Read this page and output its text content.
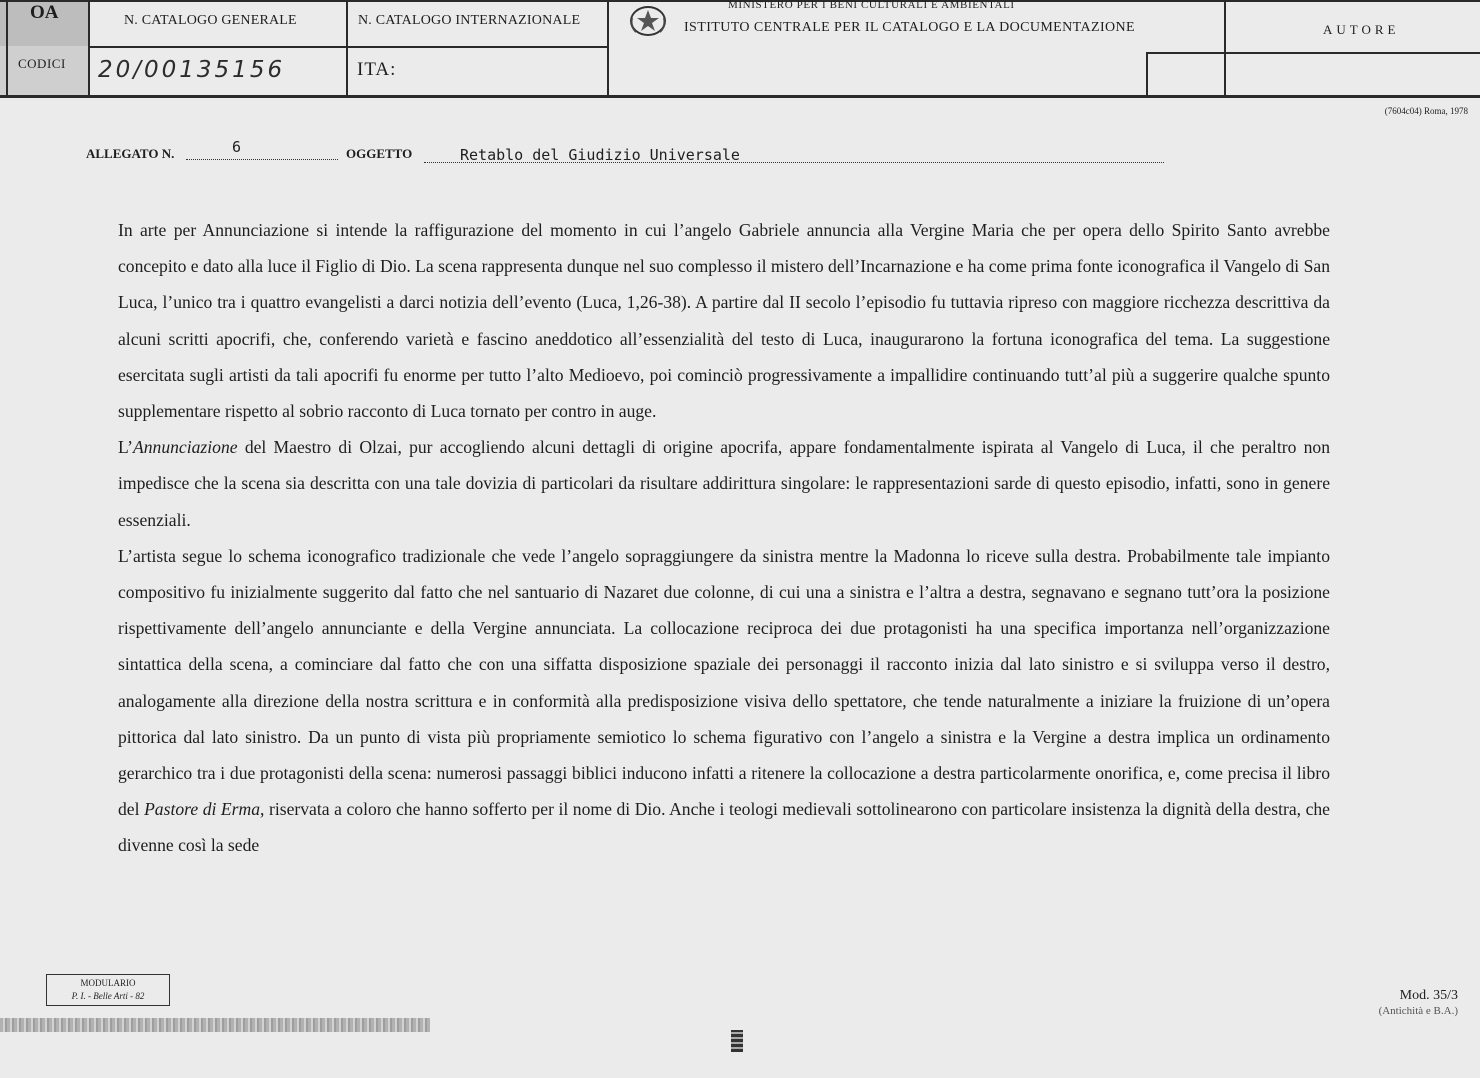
OA
CODICI
N. CATALOGO GENERALE	N. CATALOGO INTERNAZIONALE
MINISTERO PER I BENI CULTURALI E AMBIENTALI
ISTITUTO CENTRALE PER IL CATALOGO E LA DOCUMENTAZIONE	AUTORE
20/00135156	ITA:
(7604c04) Roma, 1978
ALLEGATO N.	6	OGGETTO	Retablo del Giudizio Universale

In arte per Annunciazione si intende la raffigurazione del momento in cui l’angelo Gabriele annuncia alla Vergine Maria che per opera dello Spirito Santo avrebbe concepito e dato alla luce il Figlio di Dio. La scena rappresenta dunque nel suo complesso il mistero dell’Incarnazione e ha come prima fonte iconografica il Vangelo di San Luca, l’unico tra i quattro evangelisti a darci notizia dell’evento (Luca, 1,26-38). A partire dal II secolo l’episodio fu tuttavia ripreso con maggiore ricchezza descrittiva da alcuni scritti apocrifi, che, conferendo varietà e fascino aneddotico all’essenzialità del testo di Luca, inaugurarono la fortuna iconografica del tema. La suggestione esercitata sugli artisti da tali apocrifi fu enorme per tutto l’alto Medioevo, poi cominciò progressivamente a impallidire continuando tutt’al più a suggerire qualche spunto supplementare rispetto al sobrio racconto di Luca tornato per contro in auge.

L’Annunciazione del Maestro di Olzai, pur accogliendo alcuni dettagli di origine apocrifa, appare fondamentalmente ispirata al Vangelo di Luca, il che peraltro non impedisce che la scena sia descritta con una tale dovizia di particolari da risultare addirittura singolare: le rappresentazioni sarde di questo episodio, infatti, sono in genere essenziali.

L’artista segue lo schema iconografico tradizionale che vede l’angelo sopraggiungere da sinistra mentre la Madonna lo riceve sulla destra. Probabilmente tale impianto compositivo fu inizialmente suggerito dal fatto che nel santuario di Nazaret due colonne, di cui una a sinistra e l’altra a destra, segnavano e segnano tutt’ora la posizione rispettivamente dell’angelo annunciante e della Vergine annunciata. La collocazione reciproca dei due protagonisti ha una specifica importanza nell’organizzazione sintattica della scena, a cominciare dal fatto che con una siffatta disposizione spaziale dei personaggi il racconto inizia dal lato sinistro e si sviluppa verso il destro, analogamente alla direzione della nostra scrittura e in conformità alla predisposizione visiva dello spettatore, che tende naturalmente a iniziare la fruizione di un’opera pittorica dal lato sinistro. Da un punto di vista più propriamente semiotico lo schema figurativo con l’angelo a sinistra e la Vergine a destra implica un ordinamento gerarchico tra i due protagonisti della scena: numerosi passaggi biblici inducono infatti a ritenere la collocazione a destra particolarmente onorifica, e, come precisa il libro del Pastore di Erma, riservata a coloro che hanno sofferto per il nome di Dio. Anche i teologi medievali sottolinearono con particolare insistenza la dignità della destra, che divenne così la sede

MODULARIO
P. I. - Belle Arti - 82	Mod. 35/3
(Antichità e B.A.)
